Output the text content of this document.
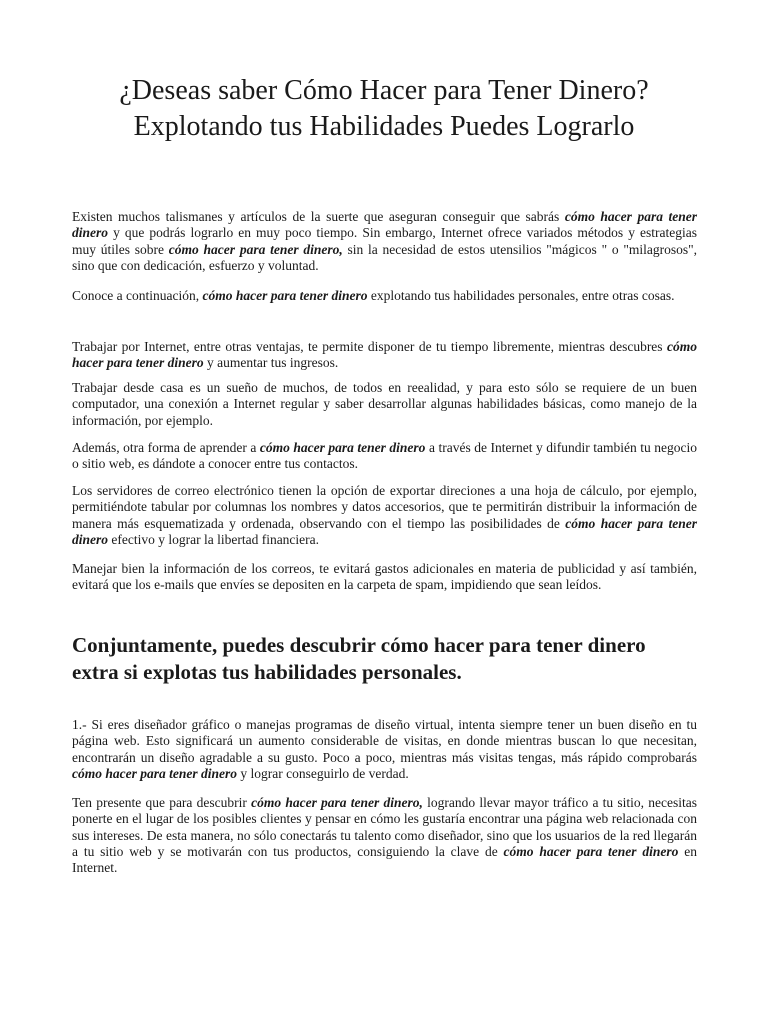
¿Deseas saber Cómo Hacer para Tener Dinero?
Explotando tus Habilidades Puedes Lograrlo

Existen muchos talismanes y artículos de la suerte que aseguran conseguir que sabrás cómo hacer para tener dinero y que podrás lograrlo en muy poco tiempo. Sin embargo, Internet ofrece variados métodos y estrategias muy útiles sobre cómo hacer para tener dinero, sin la necesidad de estos utensilios "mágicos " o "milagrosos", sino que con dedicación, esfuerzo y voluntad.

Conoce a continuación, cómo hacer para tener dinero explotando tus habilidades personales, entre otras cosas.

Trabajar por Internet, entre otras ventajas, te permite disponer de tu tiempo libremente, mientras descubres cómo hacer para tener dinero y aumentar tus ingresos.

Trabajar desde casa es un sueño de muchos, de todos en reealidad, y para esto sólo se requiere de un buen computador, una conexión a Internet regular y saber desarrollar algunas habilidades básicas, como manejo de la información, por ejemplo.

Además, otra forma de aprender a cómo hacer para tener dinero a través de Internet y difundir también tu negocio o sitio web, es dándote a conocer entre tus contactos.

Los servidores de correo electrónico tienen la opción de exportar direciones a una hoja de cálculo, por ejemplo, permitiéndote tabular por columnas los nombres y datos accesorios, que te permitirán distribuir la información de manera más esquematizada y ordenada, observando con el tiempo las posibilidades de cómo hacer para tener dinero efectivo y lograr la libertad financiera.

Manejar bien la información de los correos, te evitará gastos adicionales en materia de publicidad y así también, evitará que los e-mails que envíes se depositen en la carpeta de spam, impidiendo que sean leídos.

Conjuntamente, puedes descubrir cómo hacer para tener dinero
extra si explotas tus habilidades personales.

1.- Si eres diseñador gráfico o manejas programas de diseño virtual, intenta siempre tener un buen diseño en tu página web. Esto significará un aumento considerable de visitas, en donde mientras buscan lo que necesitan, encontrarán un diseño agradable a su gusto. Poco a poco, mientras más visitas tengas, más rápido comprobarás cómo hacer para tener dinero y lograr conseguirlo de verdad.

Ten presente que para descubrir cómo hacer para tener dinero, logrando llevar mayor tráfico a tu sitio, necesitas ponerte en el lugar de los posibles clientes y pensar en cómo les gustaría encontrar una página web relacionada con sus intereses. De esta manera, no sólo conectarás tu talento como diseñador, sino que los usuarios de la red llegarán a tu sitio web y se motivarán con tus productos, consiguiendo la clave de cómo hacer para tener dinero en Internet.
